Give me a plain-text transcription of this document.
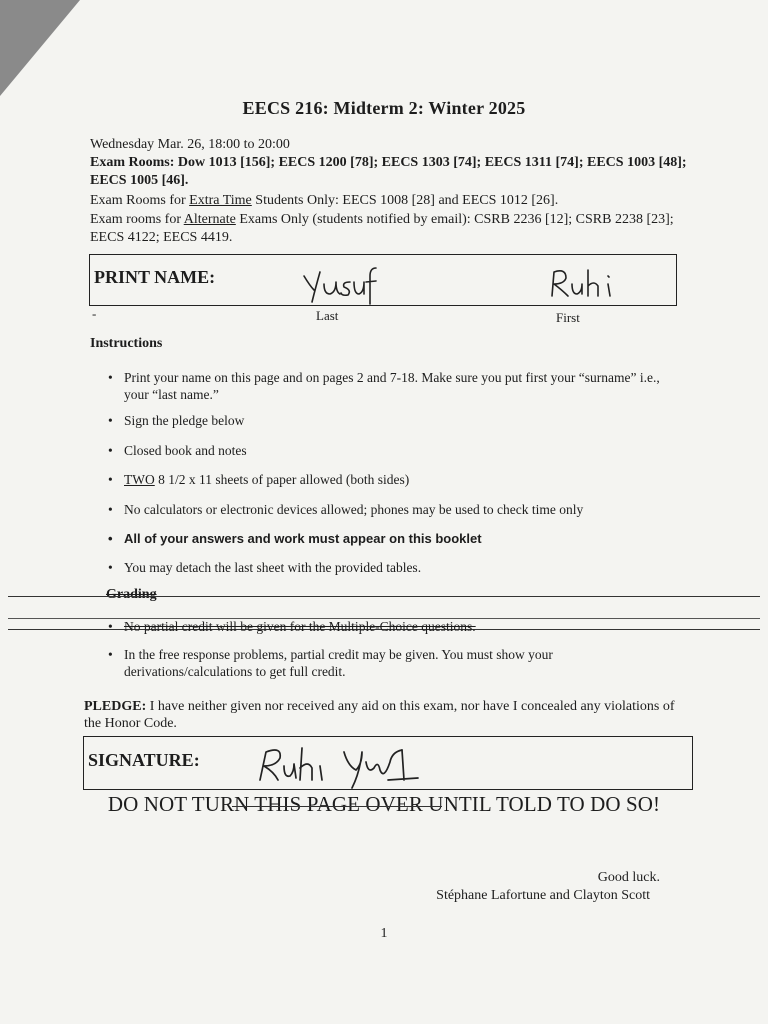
EECS 216: Midterm 2: Winter 2025
Wednesday Mar. 26, 18:00 to 20:00
Exam Rooms: Dow 1013 [156]; EECS 1200 [78]; EECS 1303 [74]; EECS 1311 [74]; EECS 1003 [48]; EECS 1005 [46].
Exam Rooms for Extra Time Students Only: EECS 1008 [28] and EECS 1012 [26].
Exam rooms for Alternate Exams Only (students notified by email): CSRB 2236 [12]; CSRB 2238 [23]; EECS 4122; EECS 4419.
PRINT NAME:
-	Last	First
Instructions
• Print your name on this page and on pages 2 and 7-18. Make sure you put first your “surname” i.e., your “last name.”
• Sign the pledge below
• Closed book and notes
• TWO 8 1/2 x 11 sheets of paper allowed (both sides)
• No calculators or electronic devices allowed; phones may be used to check time only
• All of your answers and work must appear on this booklet
• You may detach the last sheet with the provided tables.
Grading
• No partial credit will be given for the Multiple-Choice questions.
• In the free response problems, partial credit may be given. You must show your derivations/calculations to get full credit.
PLEDGE: I have neither given nor received any aid on this exam, nor have I concealed any violations of the Honor Code.
SIGNATURE:
DO NOT TURN THIS PAGE OVER UNTIL TOLD TO DO SO!
Good luck.
Stéphane Lafortune and Clayton Scott
1
